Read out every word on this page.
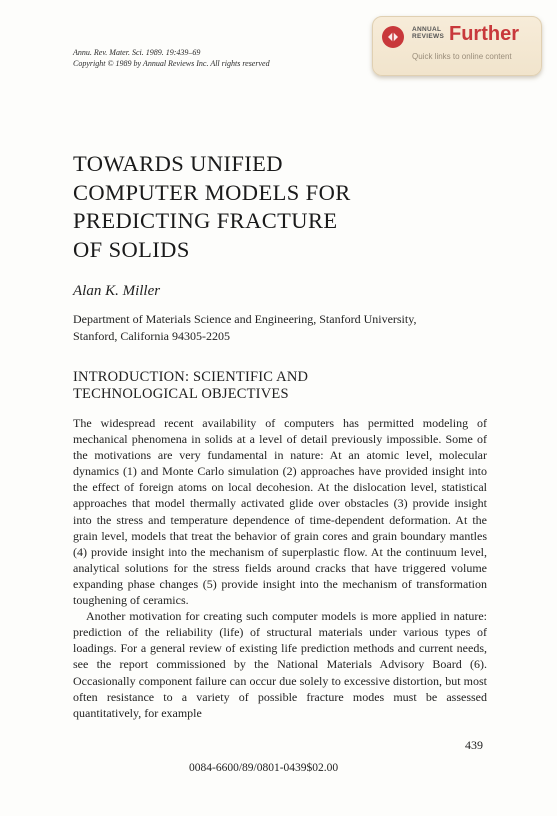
Annu. Rev. Mater. Sci. 1989. 19:439–69
Copyright © 1989 by Annual Reviews Inc. All rights reserved
ANNUAL
REVIEWS Further
Quick links to online content
TOWARDS UNIFIED
COMPUTER MODELS FOR
PREDICTING FRACTURE
OF SOLIDS
Alan K. Miller
Department of Materials Science and Engineering, Stanford University,
Stanford, California 94305-2205
INTRODUCTION: SCIENTIFIC AND
TECHNOLOGICAL OBJECTIVES

The widespread recent availability of computers has permitted modeling of mechanical phenomena in solids at a level of detail previously impossible. Some of the motivations are very fundamental in nature: At an atomic level, molecular dynamics (1) and Monte Carlo simulation (2) approaches have provided insight into the effect of foreign atoms on local decohesion. At the dislocation level, statistical approaches that model thermally activated glide over obstacles (3) provide insight into the stress and temperature dependence of time-dependent deformation. At the grain level, models that treat the behavior of grain cores and grain boundary mantles (4) provide insight into the mechanism of superplastic flow. At the continuum level, analytical solutions for the stress fields around cracks that have triggered volume expanding phase changes (5) provide insight into the mechanism of transformation toughening of ceramics.

Another motivation for creating such computer models is more applied in nature: prediction of the reliability (life) of structural materials under various types of loadings. For a general review of existing life prediction methods and current needs, see the report commissioned by the National Materials Advisory Board (6). Occasionally component failure can occur due solely to excessive distortion, but most often resistance to a variety of possible fracture modes must be assessed quantitatively, for example

439
0084-6600/89/0801-0439$02.00
